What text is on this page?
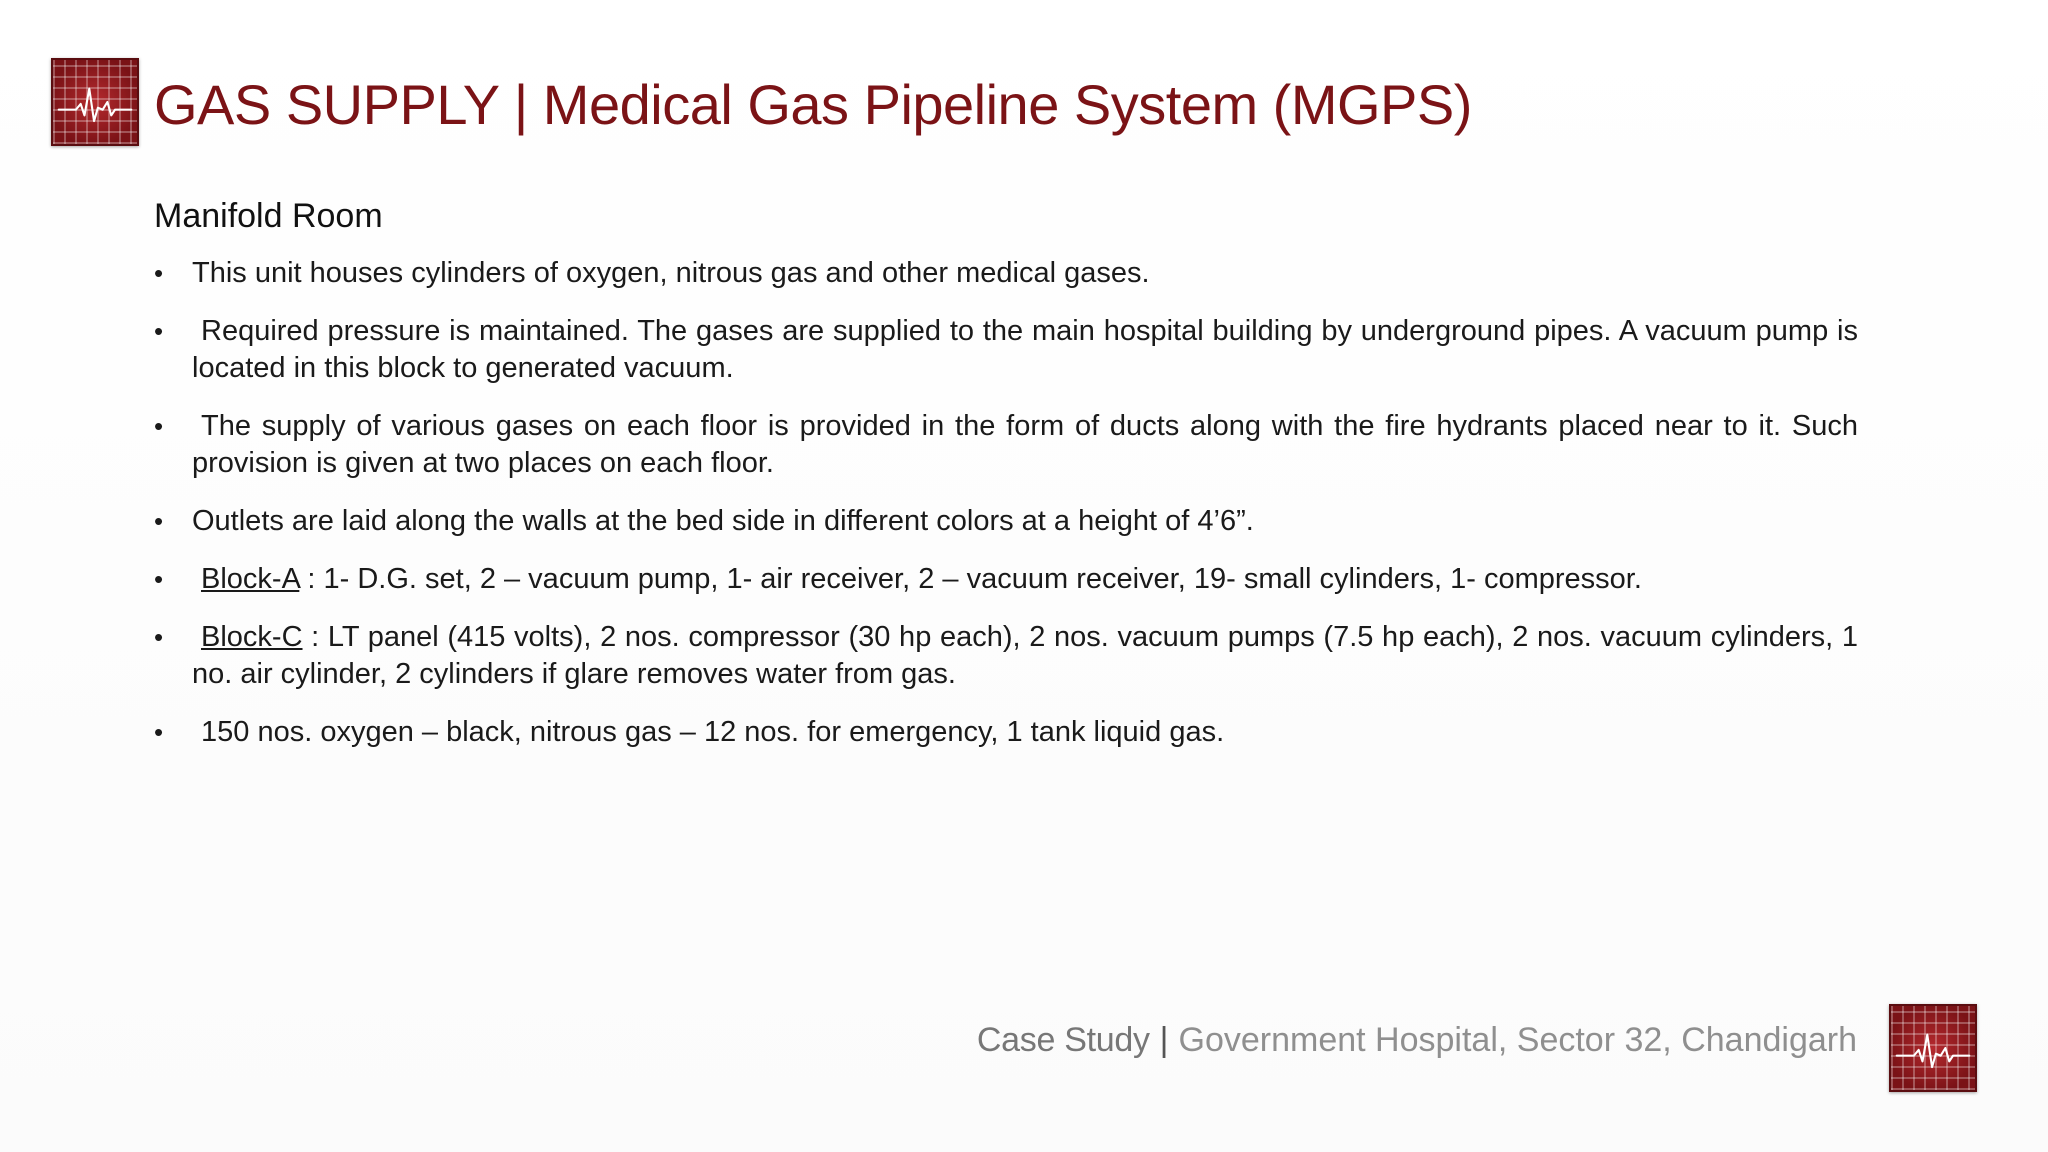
GAS SUPPLY | Medical Gas Pipeline System (MGPS)
Manifold Room
• This unit houses cylinders of oxygen, nitrous gas and other medical gases.
• Required pressure is maintained. The gases are supplied to the main hospital building by underground pipes. A vacuum pump is located in this block to generated vacuum.
• The supply of various gases on each floor is provided in the form of ducts along with the fire hydrants placed near to it. Such provision is given at two places on each floor.
• Outlets are laid along the walls at the bed side in different colors at a height of 4’6”.
• Block-A : 1- D.G. set, 2 – vacuum pump, 1- air receiver, 2 – vacuum receiver, 19- small cylinders, 1- compressor.
• Block-C : LT panel (415 volts), 2 nos. compressor (30 hp each), 2 nos. vacuum pumps (7.5 hp each), 2 nos. vacuum cylinders, 1 no. air cylinder, 2 cylinders if glare removes water from gas.
• 150 nos. oxygen – black, nitrous gas – 12 nos. for emergency, 1 tank liquid gas.
Case Study | Government Hospital, Sector 32, Chandigarh
